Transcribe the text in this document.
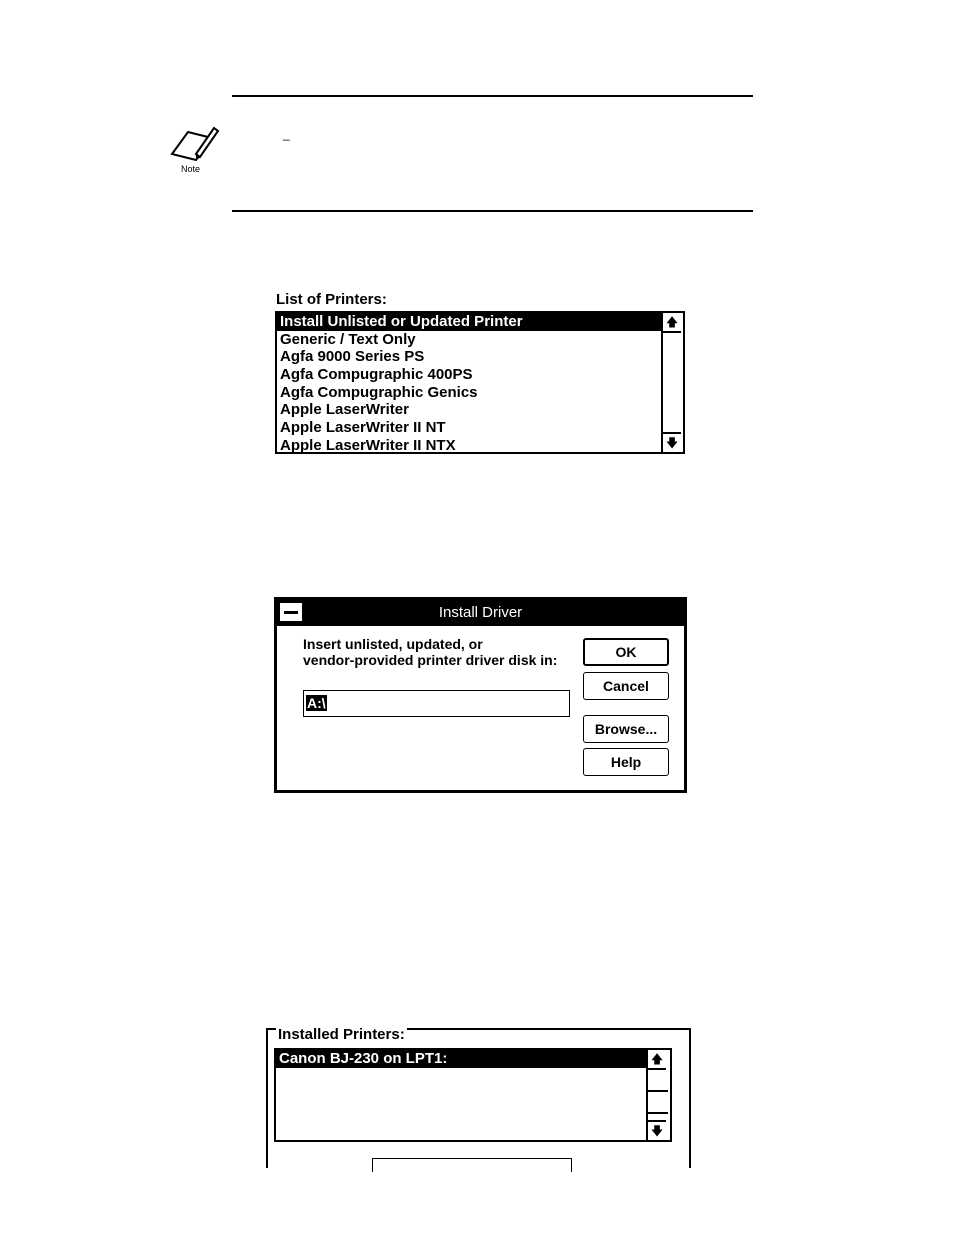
Note
_
List of Printers:
Install Unlisted or Updated Printer
Generic / Text Only
Agfa 9000 Series PS
Agfa Compugraphic 400PS
Agfa Compugraphic Genics
Apple LaserWriter
Apple LaserWriter II NT
Apple LaserWriter II NTX
🡅
🡇
Install Driver
Insert unlisted, updated, or
vendor-provided printer driver disk in:
A:\
OK
Cancel
Browse...
Help
Installed Printers:
Canon BJ-230 on LPT1:	🡅
🡇
